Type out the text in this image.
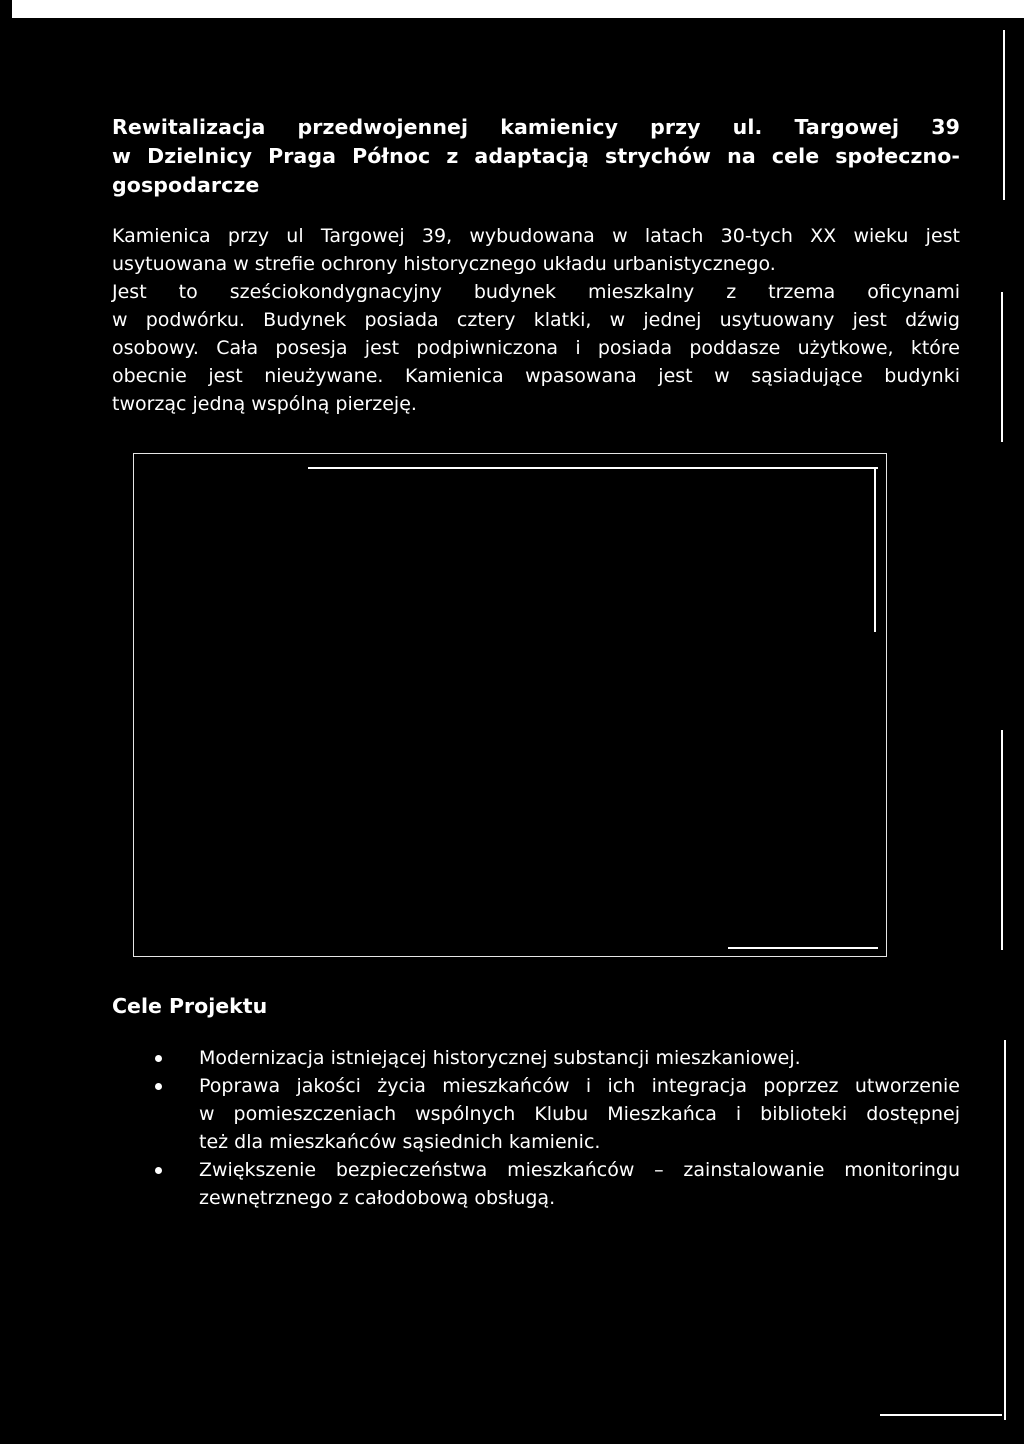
Rewitalizacja przedwojennej kamienicy przy ul. Targowej 39
w Dzielnicy Praga Północ z adaptacją strychów na cele społeczno-
gospodarcze

Kamienica przy ul Targowej 39, wybudowana w latach 30-tych XX wieku jest
usytuowana w strefie ochrony historycznego układu urbanistycznego.
Jest to sześciokondygnacyjny budynek mieszkalny z trzema oficynami
w podwórku. Budynek posiada cztery klatki, w jednej usytuowany jest dźwig
osobowy. Cała posesja jest podpiwniczona i posiada poddasze użytkowe, które
obecnie jest nieużywane. Kamienica wpasowana jest w sąsiadujące budynki
tworząc jedną wspólną pierzeję.

Cele Projektu
Modernizacja istniejącej historycznej substancji mieszkaniowej.
Poprawa jakości życia mieszkańców i ich integracja poprzez utworzenie
w pomieszczeniach wspólnych Klubu Mieszkańca i biblioteki dostępnej
też dla mieszkańców sąsiednich kamienic.
Zwiększenie bezpieczeństwa mieszkańców – zainstalowanie monitoringu
zewnętrznego z całodobową obsługą.
